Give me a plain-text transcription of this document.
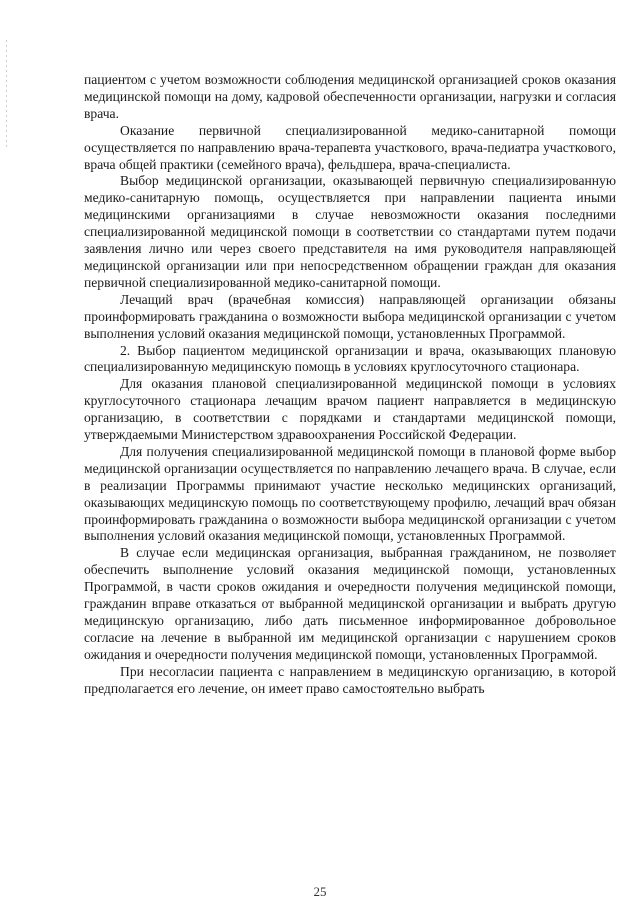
пациентом с учетом возможности соблюдения медицинской организацией сроков оказания медицинской помощи на дому, кадровой обеспеченности организации, нагрузки и согласия врача.

Оказание первичной специализированной медико-санитарной помощи осуществляется по направлению врача-терапевта участкового, врача-педиатра участкового, врача общей практики (семейного врача), фельдшера, врача-специалиста.

Выбор медицинской организации, оказывающей первичную специализированную медико-санитарную помощь, осуществляется при направлении пациента иными медицинскими организациями в случае невозможности оказания последними специализированной медицинской помощи в соответствии со стандартами путем подачи заявления лично или через своего представителя на имя руководителя направляющей медицинской организации или при непосредственном обращении граждан для оказания первичной специализированной медико-санитарной помощи.

Лечащий врач (врачебная комиссия) направляющей организации обязаны проинформировать гражданина о возможности выбора медицинской организации с учетом выполнения условий оказания медицинской помощи, установленных Программой.

2. Выбор пациентом медицинской организации и врача, оказывающих плановую специализированную медицинскую помощь в условиях круглосуточного стационара.

Для оказания плановой специализированной медицинской помощи в условиях круглосуточного стационара лечащим врачом пациент направляется в медицинскую организацию, в соответствии с порядками и стандартами медицинской помощи, утверждаемыми Министерством здравоохранения Российской Федерации.

Для получения специализированной медицинской помощи в плановой форме выбор медицинской организации осуществляется по направлению лечащего врача. В случае, если в реализации Программы принимают участие несколько медицинских организаций, оказывающих медицинскую помощь по соответствующему профилю, лечащий врач обязан проинформировать гражданина о возможности выбора медицинской организации с учетом выполнения условий оказания медицинской помощи, установленных Программой.

В случае если медицинская организация, выбранная гражданином, не позволяет обеспечить выполнение условий оказания медицинской помощи, установленных Программой, в части сроков ожидания и очередности получения медицинской помощи, гражданин вправе отказаться от выбранной медицинской организации и выбрать другую медицинскую организацию, либо дать письменное информированное добровольное согласие на лечение в выбранной им медицинской организации с нарушением сроков ожидания и очередности получения медицинской помощи, установленных Программой.

При несогласии пациента с направлением в медицинскую организацию, в которой предполагается его лечение, он имеет право самостоятельно выбрать

25
